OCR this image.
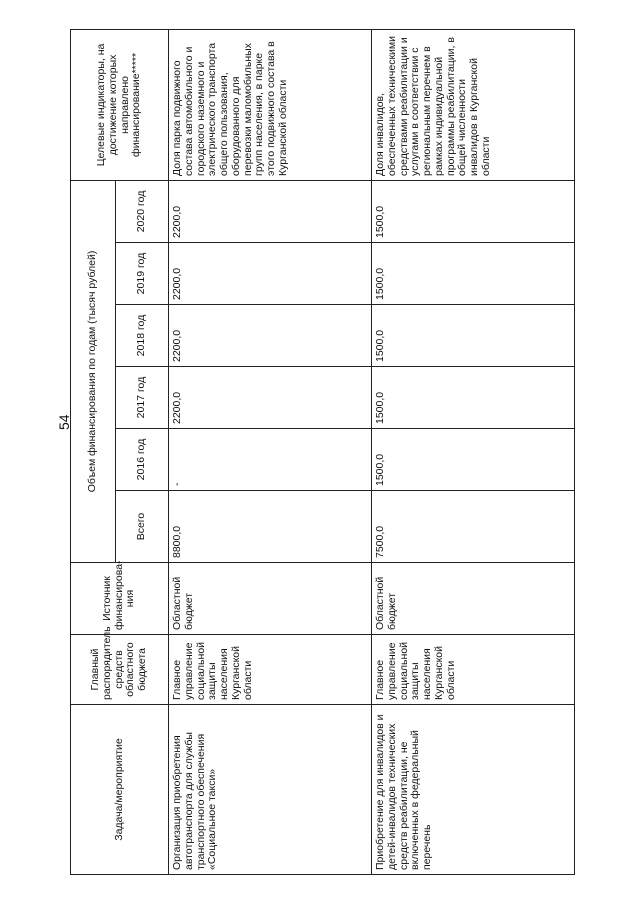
54
Задача/мероприятие	Главный распорядитель средств областного бюджета	Источник финансирова-ния	Объем финансирования по годам (тысяч рублей)						Целевые индикаторы, на достижение которых направлено финансирование*****
			Всего	2016 год	2017 год	2018 год	2019 год	2020 год	
Организация приобретения автотранспорта для службы транспортного обеспечения «Социальное такси»	Главное управление социальной защиты населения Курганской области	Областной бюджет	8800,0	-	2200,0	2200,0	2200,0	2200,0	Доля парка подвижного состава автомобильного и городского наземного и электрического транспорта общего пользования, оборудованного для перевозки маломобильных групп населения, в парке этого подвижного состава в Курганской области
Приобретение для инвалидов и детей-инвалидов технических средств реабилитации, не включенных в федеральный перечень	Главное управление социальной защиты населения Курганской области	Областной бюджет	7500,0	1500,0	1500,0	1500,0	1500,0	1500,0	Доля инвалидов, обеспеченных техническими средствами реабилитации и услугами в соответствии с региональным перечнем в рамках индивидуальной программы реабилитации, в общей численности инвалидов в Курганской области
